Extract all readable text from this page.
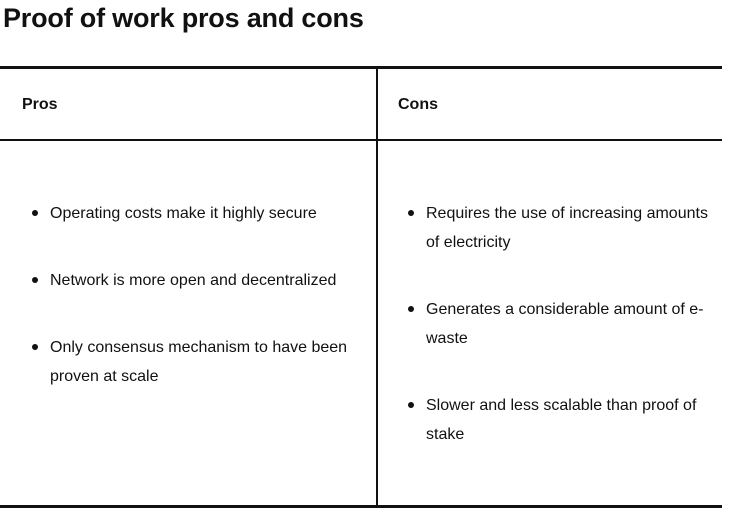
Proof of work pros and cons
Pros	Cons
Operating costs make it highly secure
Network is more open and decentralized
Only consensus mechanism to have been proven at scale
Requires the use of increasing amounts of electricity
Generates a considerable amount of e-waste
Slower and less scalable than proof of stake
